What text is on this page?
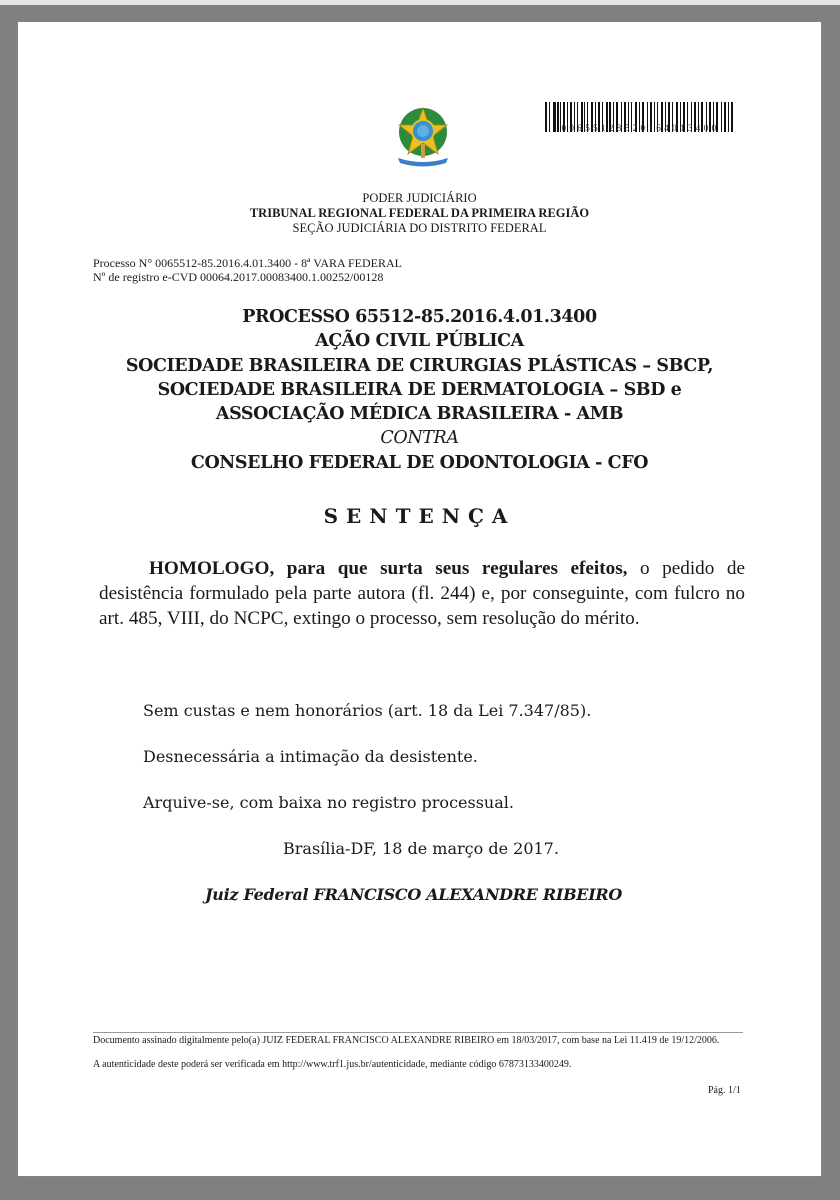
00655128520164013400
PODER JUDICIÁRIO
TRIBUNAL REGIONAL FEDERAL DA PRIMEIRA REGIÃO
SEÇÃO JUDICIÁRIA DO DISTRITO FEDERAL
Processo N° 0065512-85.2016.4.01.3400 - 8ª VARA FEDERAL
Nº de registro e-CVD 00064.2017.00083400.1.00252/00128
PROCESSO 65512-85.2016.4.01.3400
AÇÃO CIVIL PÚBLICA
SOCIEDADE BRASILEIRA DE CIRURGIAS PLÁSTICAS – SBCP,
SOCIEDADE BRASILEIRA DE DERMATOLOGIA – SBD e
ASSOCIAÇÃO MÉDICA BRASILEIRA - AMB
CONTRA
CONSELHO FEDERAL DE ODONTOLOGIA - CFO
SENTENÇA
HOMOLOGO, para que surta seus regulares efeitos, o pedido de desistência formulado pela parte autora (fl. 244) e, por conseguinte, com fulcro no art. 485, VIII, do NCPC, extingo o processo, sem resolução do mérito.
Sem custas e nem honorários (art. 18 da Lei 7.347/85).
Desnecessária a intimação da desistente.
Arquive-se, com baixa no registro processual.
Brasília-DF, 18 de março de 2017.
Juiz Federal FRANCISCO ALEXANDRE RIBEIRO
Documento assinado digitalmente pelo(a) JUIZ FEDERAL FRANCISCO ALEXANDRE RIBEIRO em 18/03/2017, com base na Lei 11.419 de 19/12/2006.
A autenticidade deste poderá ser verificada em http://www.trf1.jus.br/autenticidade, mediante código 67873133400249.
Pág. 1/1
